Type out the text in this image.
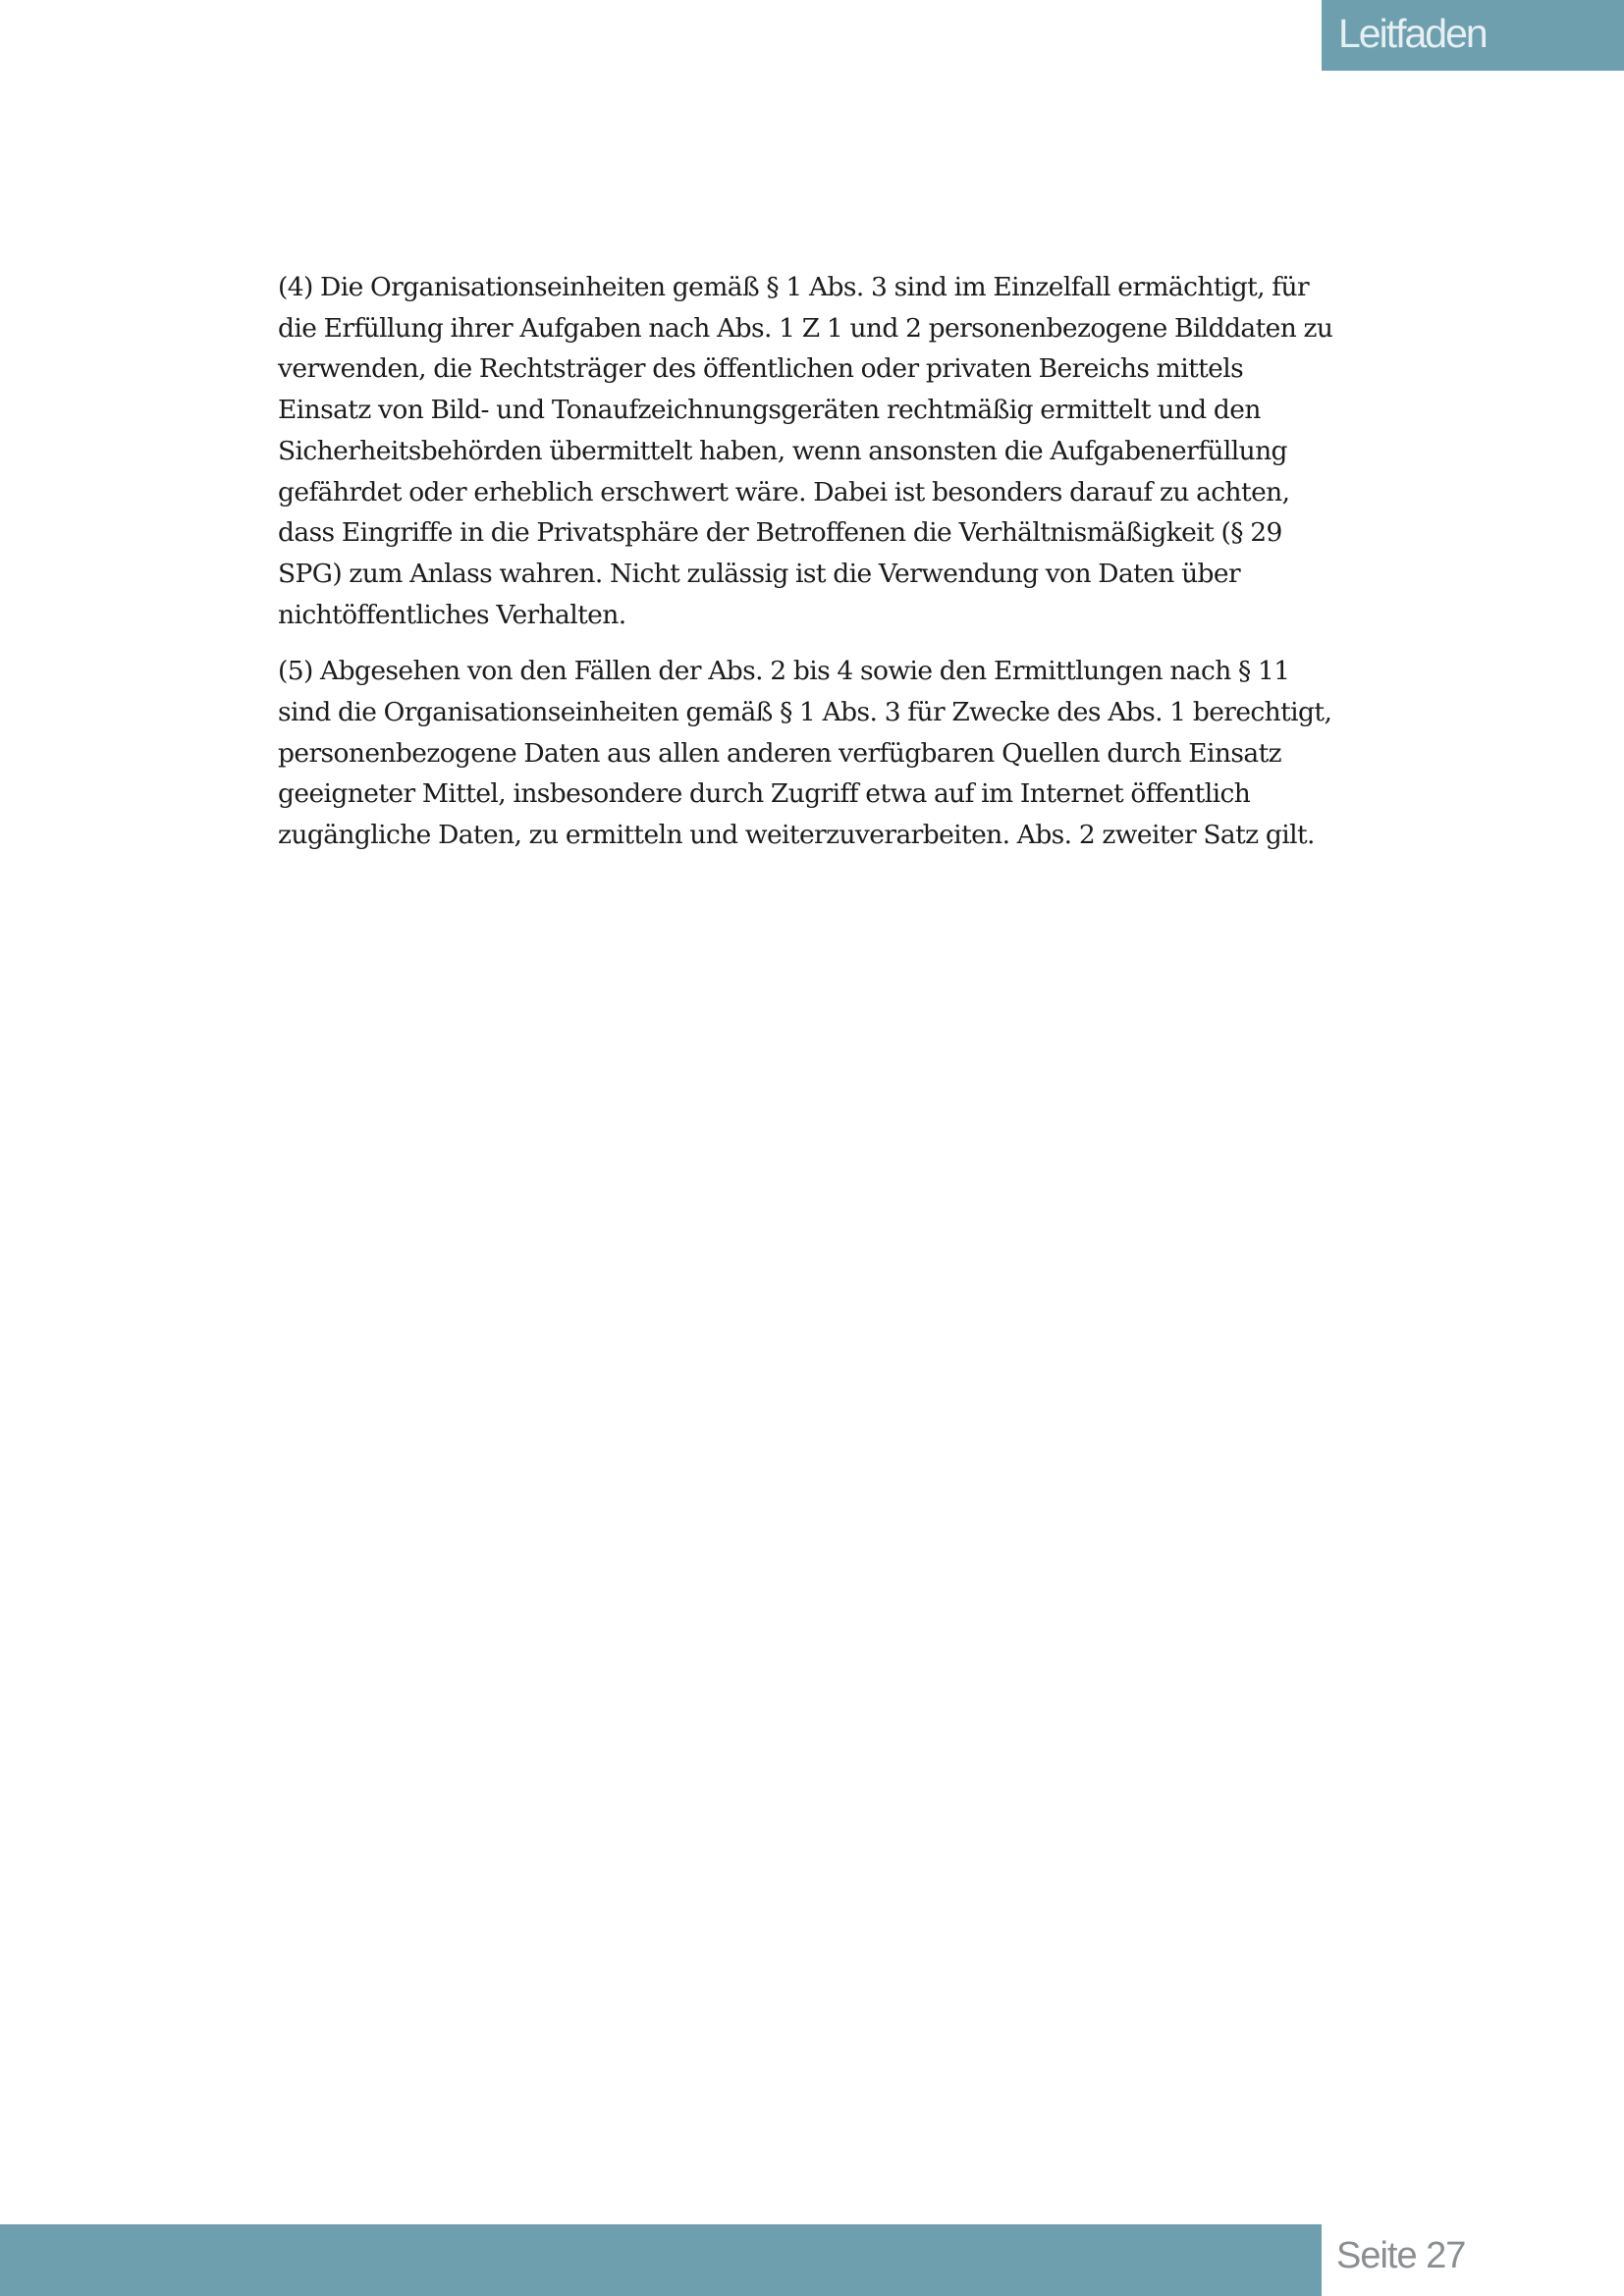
Leitfaden

(4) Die Organisationseinheiten gemäß § 1 Abs. 3 sind im Einzelfall ermächtigt, für die Erfüllung ihrer Aufgaben nach Abs. 1 Z 1 und 2 personenbezogene Bilddaten zu verwenden, die Rechtsträger des öffentlichen oder privaten Bereichs mittels Einsatz von Bild- und Tonaufzeichnungsgeräten rechtmäßig ermittelt und den Sicherheitsbehörden übermittelt haben, wenn ansonsten die Aufgabenerfüllung gefährdet oder erheblich erschwert wäre. Dabei ist besonders darauf zu achten, dass Eingriffe in die Privatsphäre der Betroffenen die Verhältnismäßigkeit (§ 29 SPG) zum Anlass wahren. Nicht zulässig ist die Verwendung von Daten über nichtöffentliches Verhalten.

(5) Abgesehen von den Fällen der Abs. 2 bis 4 sowie den Ermittlungen nach § 11 sind die Organisationseinheiten gemäß § 1 Abs. 3 für Zwecke des Abs. 1 berechtigt, personenbezogene Daten aus allen anderen verfügbaren Quellen durch Einsatz geeigneter Mittel, insbesondere durch Zugriff etwa auf im Internet öffentlich zugängliche Daten, zu ermitteln und weiterzuverarbeiten. Abs. 2 zweiter Satz gilt.

Seite 27
